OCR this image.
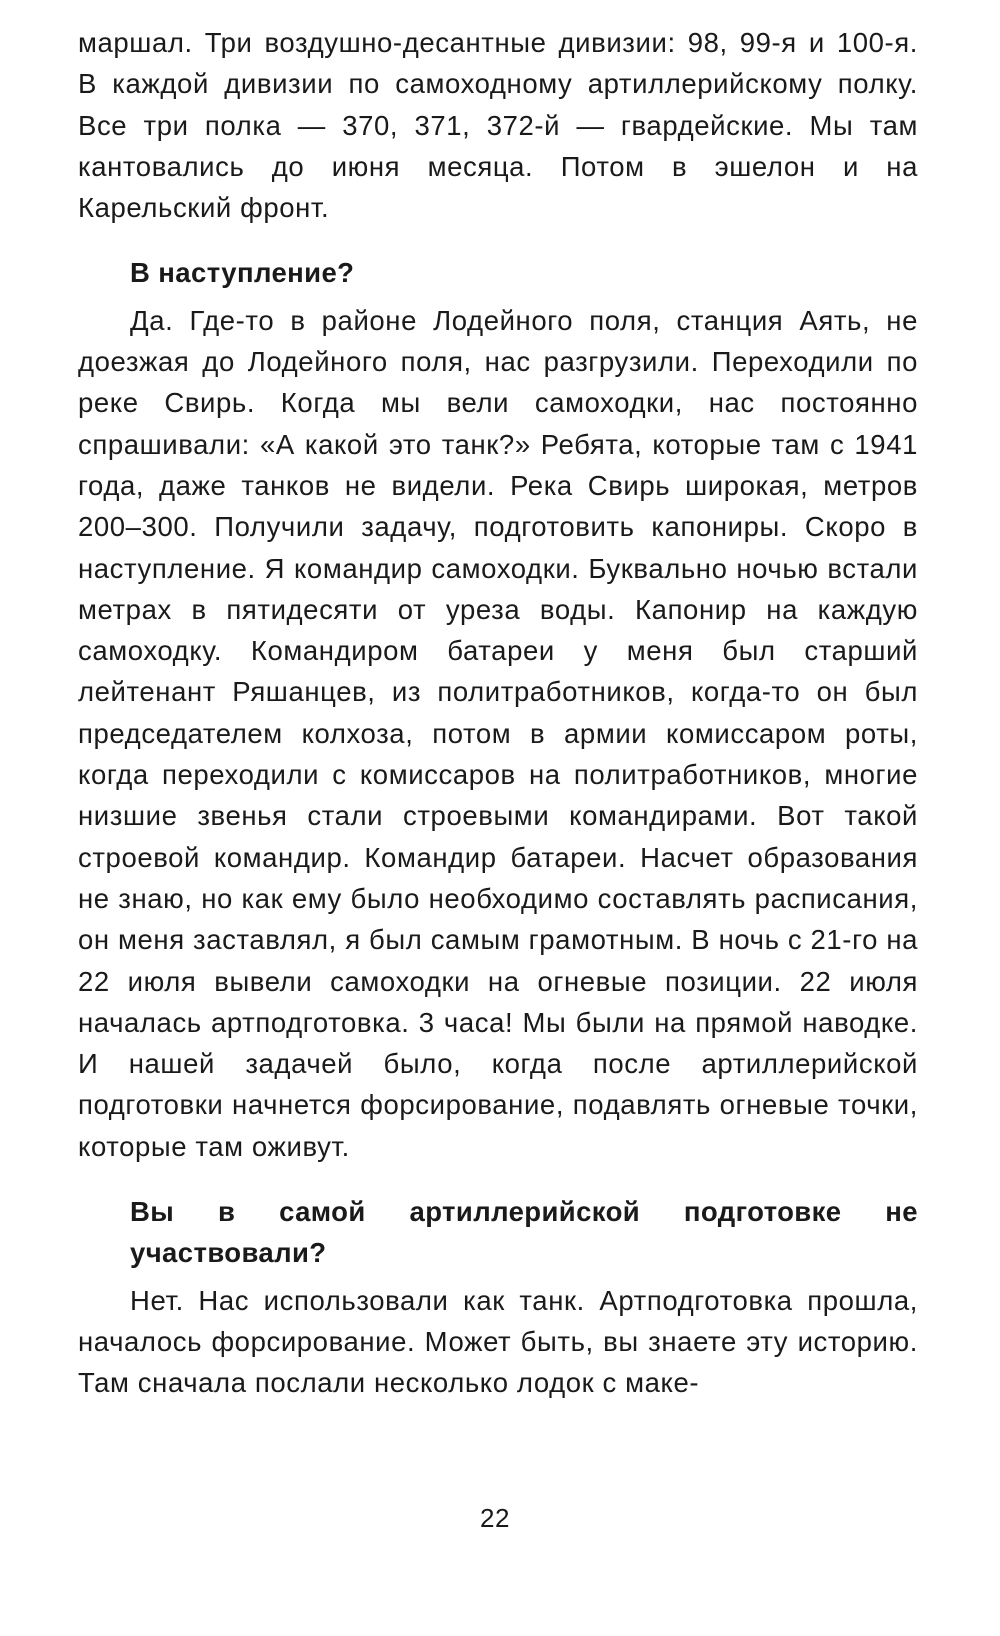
маршал. Три воздушно-десантные дивизии: 98, 99-я и 100-я. В каждой дивизии по самоходному артиллерийскому полку. Все три полка — 370, 371, 372-й — гвардейские. Мы там кантовались до июня месяца. Потом в эшелон и на Карельский фронт.

В наступление?

Да. Где-то в районе Лодейного поля, станция Аять, не доезжая до Лодейного поля, нас разгрузили. Переходили по реке Свирь. Когда мы вели самоходки, нас постоянно спрашивали: «А какой это танк?» Ребята, которые там с 1941 года, даже танков не видели. Река Свирь широкая, метров 200–300. Получили задачу, подготовить капониры. Скоро в наступление. Я командир самоходки. Буквально ночью встали метрах в пятидесяти от уреза воды. Капонир на каждую самоходку. Командиром батареи у меня был старший лейтенант Ряшанцев, из политработников, когда-то он был председателем колхоза, потом в армии комиссаром роты, когда переходили с комиссаров на политработников, многие низшие звенья стали строевыми командирами. Вот такой строевой командир. Командир батареи. Насчет образования не знаю, но как ему было необходимо составлять расписания, он меня заставлял, я был самым грамотным. В ночь с 21-го на 22 июля вывели самоходки на огневые позиции. 22 июля началась артподготовка. 3 часа! Мы были на прямой наводке. И нашей задачей было, когда после артиллерийской подготовки начнется форсирование, подавлять огневые точки, которые там оживут.

Вы в самой артиллерийской подготовке не участвовали?

Нет. Нас использовали как танк. Артподготовка прошла, началось форсирование. Может быть, вы знаете эту историю. Там сначала послали несколько лодок с маке-

22
